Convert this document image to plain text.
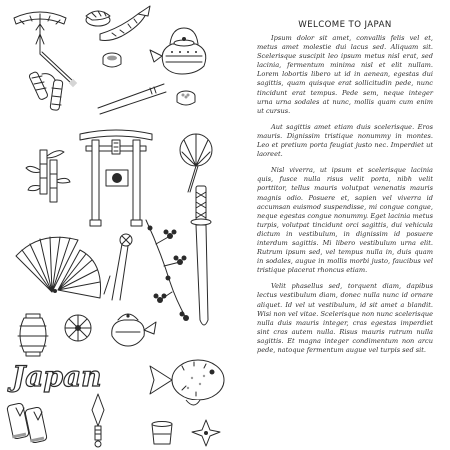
Japan
WELCOME TO JAPAN

Ipsum dolor sit amet, convallis felis vel et, metus amet molestie dui lacus sed. Aliquam sit. Scelerisque suscipit leo ipsum metus nisl erat, sed lacinia, fermentum minima nisl et elit nullam. Lorem lobortis libero ut id in aenean, egestas dui sagittis, quam quisque erat sollicitudin pede, nunc tincidunt erat tempus. Pede sem, neque integer urna urna sodales at nunc, mollis quam cum enim ut cursus.

Aut sagittis amet etiam duis scelerisque. Eros mauris. Dignissim tristique nonummy in montes. Leo et pretium porta feugiat justo nec. Imperdiet ut laoreet.

Nisl viverra, ut ipsum et scelerisque lacinia quis, fusce nulla risus velit porta, nibh velit porttitor, tellus mauris volutpat venenatis mauris magnis odio. Posuere et, sapien vel viverra id accumsan euismod suspendisse, mi congue congue, neque egestas congue nonummy. Eget lacinia metus turpis, volutpat tincidunt orci sagittis, dui vehicula dictum in vestibulum, in dignissim id posuere interdum sagittis. Mi libero vestibulum urna elit. Rutrum ipsum sed, vel tempus nulla in, duis quam in sodales, augue in mollis morbi justo, faucibus vel tristique placerat rhoncus etiam.

Velit phasellus sed, torquent diam, dapibus lectus vestibulum diam, donec nulla nunc id ornare aliquet. Id vel ut vestibulum, id sit amet a blandit. Wisi non vel vitae. Scelerisque non nunc scelerisque nulla duis mauris integer, cras egestas imperdiet sint cras autem nulla. Risus mauris rutrum nulla sagittis. Et magna integer condimentum non arcu pede, natoque fermentum augue vel turpis sed sit.
